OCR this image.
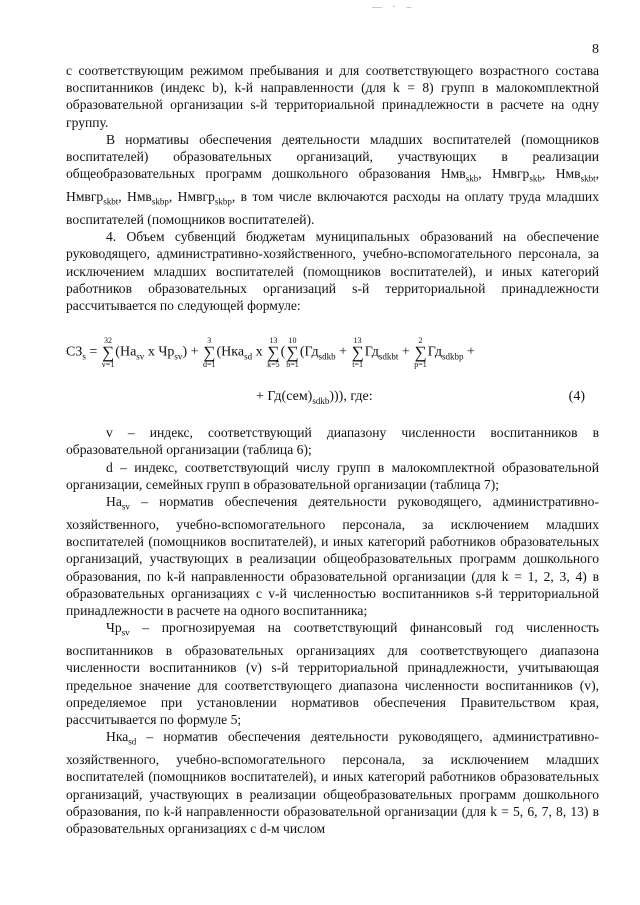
— · –
8

с соответствующим режимом пребывания и для соответствующего возрастного состава воспитанников (индекс b), k-й направленности (для k = 8) групп в малокомплектной образовательной организации s-й территориальной принадлежности в расчете на одну группу.

В нормативы обеспечения деятельности младших воспитателей (помощников воспитателей) образовательных организаций, участвующих в реализации общеобразовательных программ дошкольного образования Нмв$_{skb}$, Нмвгр$_{skb}$, Нмв$_{skbt}$, Нмвгр$_{skbt}$, Нмв$_{skbp}$, Нмвгр$_{skbp}$, в том числе включаются расходы на оплату труда младших воспитателей (помощников воспитателей).

4. Объем субвенций бюджетам муниципальных образований на обеспечение руководящего, административно-хозяйственного, учебно-вспомогательного персонала, за исключением младших воспитателей (помощников воспитателей), и иных категорий работников образовательных организаций s-й территориальной принадлежности рассчитывается по следующей формуле:

$СЗ_s$ =
32
∑
v=1
($На_{sv}$ х $Чр_{sv}$) +
3
∑
d=1
(Нка$_{sd}$ х
13
∑
k=5
(
10
∑
b=1
($Гд_{sdkb}$ +
13
∑
t=1
$Гд_{sdkbt}$ +
2
∑
p=1
$Гд_{sdkbp}$ +
+ $Гд(сем)_{sdkb}$))), где:	(4)

v – индекс, соответствующий диапазону численности воспитанников в образовательной организации (таблица 6);

d – индекс, соответствующий числу групп в малокомплектной образовательной организации, семейных групп в образовательной организации (таблица 7);

$На_{sv}$ – норматив обеспечения деятельности руководящего, административно-хозяйственного, учебно-вспомогательного персонала, за исключением младших воспитателей (помощников воспитателей), и иных категорий работников образовательных организаций, участвующих в реализации общеобразовательных программ дошкольного образования, по k-й направленности образовательной организации (для k = 1, 2, 3, 4) в образовательных организациях с v-й численностью воспитанников s-й территориальной принадлежности в расчете на одного воспитанника;

$Чр_{sv}$ – прогнозируемая на соответствующий финансовый год численность воспитанников в образовательных организациях для соответствующего диапазона численности воспитанников (v) s-й территориальной принадлежности, учитывающая предельное значение для соответствующего диапазона численности воспитанников (v), определяемое при установлении нормативов обеспечения Правительством края, рассчитывается по формуле 5;

Нка$_{sd}$ – норматив обеспечения деятельности руководящего, административно-хозяйственного, учебно-вспомогательного персонала, за исключением младших воспитателей (помощников воспитателей), и иных категорий работников образовательных организаций, участвующих в реализации общеобразовательных программ дошкольного образования, по k-й направленности образовательной организации (для k = 5, 6, 7, 8, 13) в образовательных организациях с d-м числом
